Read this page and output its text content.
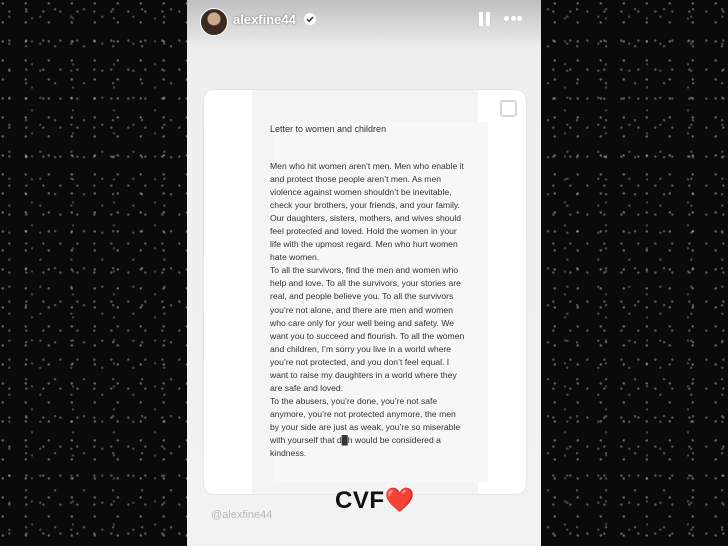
alexfine44
Letter to women and children

Men who hit women aren’t men. Men who enable it and protect those people aren’t men. As men violence against women shouldn’t be inevitable, check your brothers, your friends, and your family. Our daughters, sisters, mothers, and wives should feel protected and loved. Hold the women in your life with the upmost regard. Men who hurt women hate women.

To all the survivors, find the men and women who help and love. To all the survivors, your stories are real, and people believe you. To all the survivors you’re not alone, and there are men and women who care only for your well being and safety. We want you to succeed and flourish. To all the women and children, I’m sorry you live in a world where you’re not protected, and you don’t feel equal. I want to raise my daughters in a world where they are safe and loved.

To the abusers, you’re done, you’re not safe anymore, you’re not protected anymore, the men by your side are just as weak, you’re so miserable with yourself that d█h would be considered a kindness.

CVF❤️
@alexfine44
